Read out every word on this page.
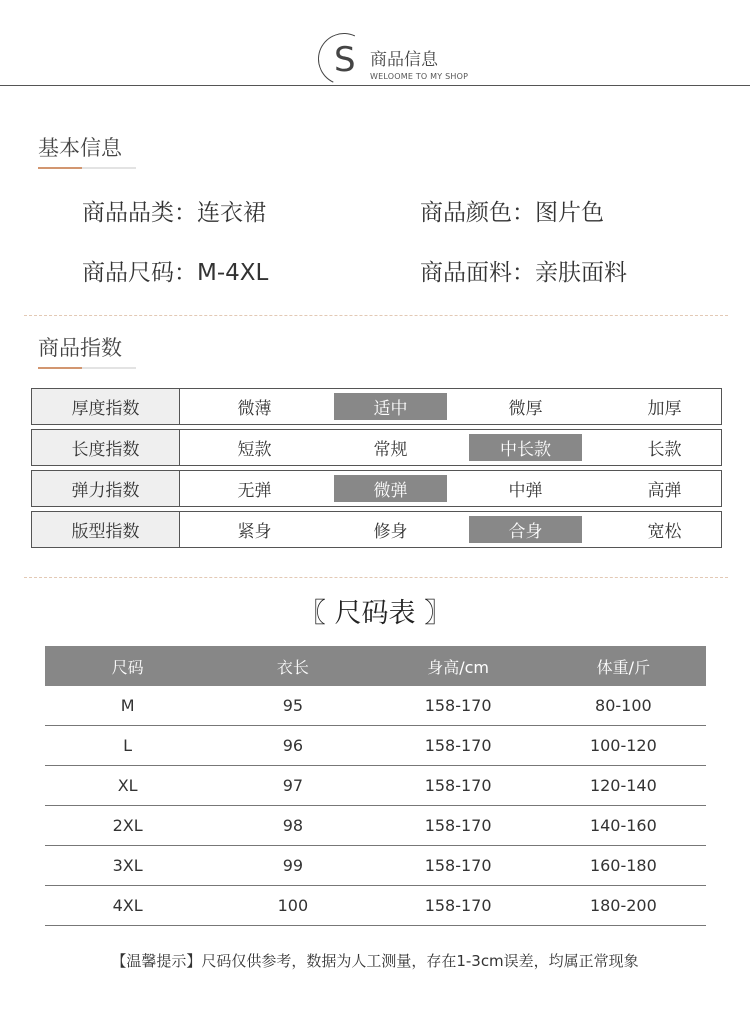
S 商品信息
WELOOME TO MY SHOP
基本信息
商品品类：连衣裙	商品颜色：图片色
商品尺码：M-4XL	商品面料：亲肤面料
商品指数
厚度指数	微薄	适中	微厚	加厚
长度指数	短款	常规	中长款	长款
弹力指数	无弹	微弹	中弹	高弹
版型指数	紧身	修身	合身	宽松
〖 尺码表 〗
尺码	衣长	身高/cm	体重/斤
M	95	158-170	80-100
L	96	158-170	100-120
XL	97	158-170	120-140
2XL	98	158-170	140-160
3XL	99	158-170	160-180
4XL	100	158-170	180-200
【温馨提示】尺码仅供参考，数据为人工测量，存在1-3cm误差，均属正常现象
